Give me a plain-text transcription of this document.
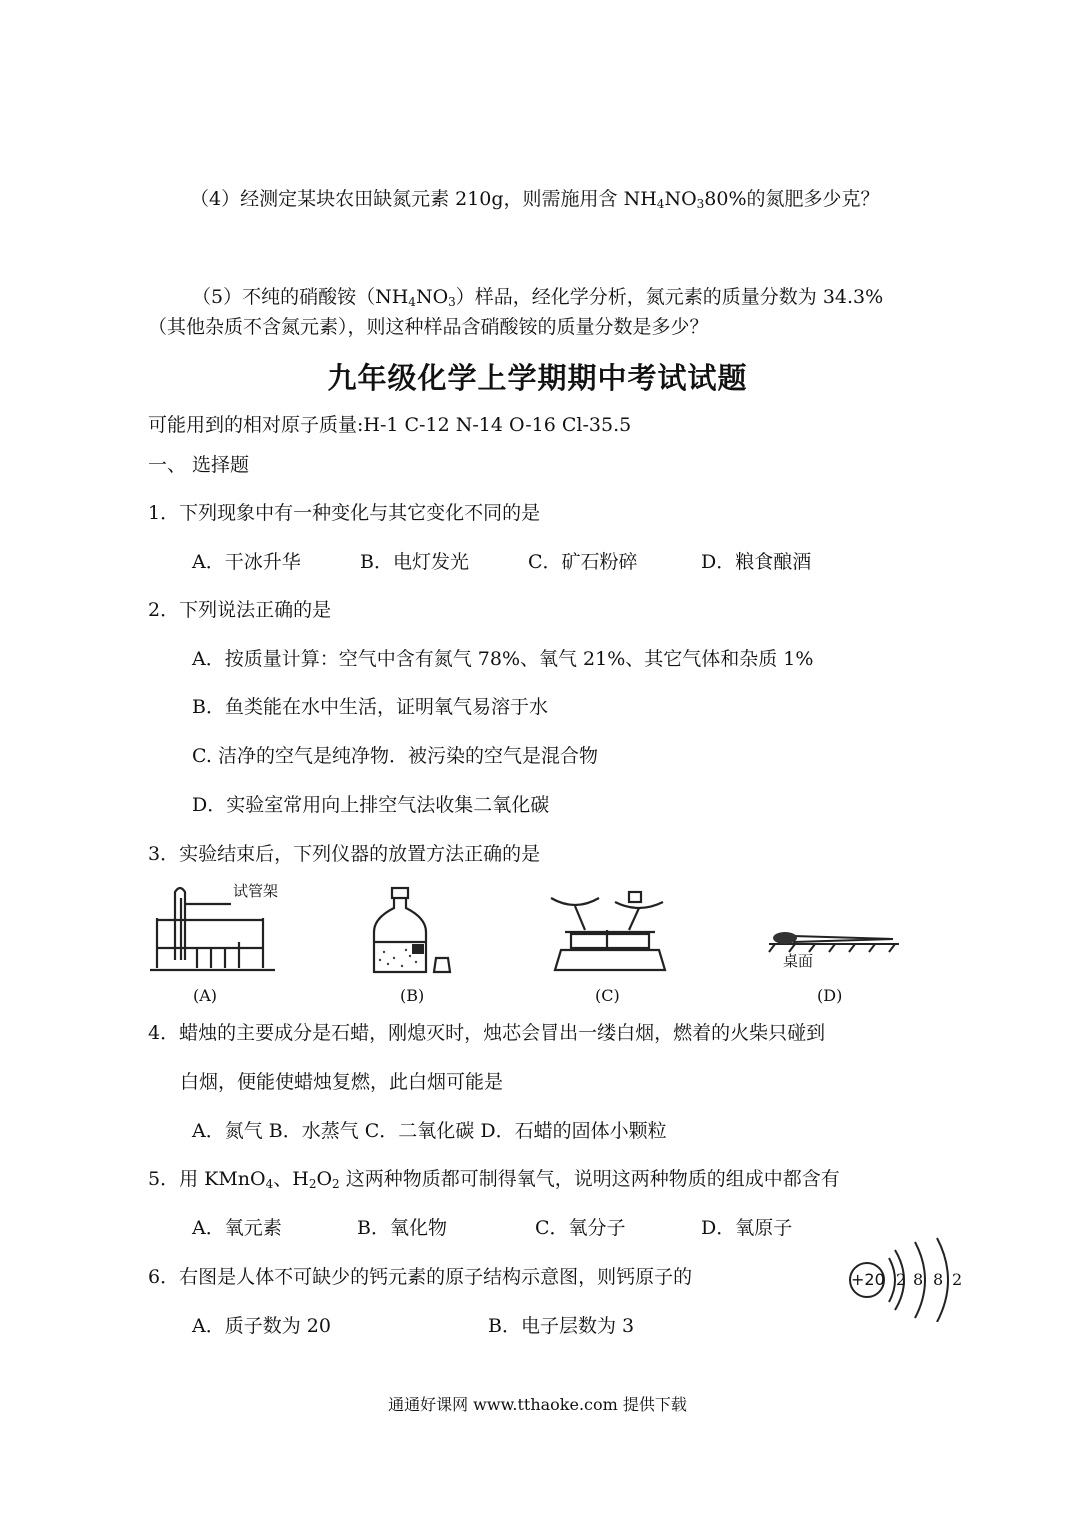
（4）经测定某块农田缺氮元素 210g，则需施用含 $NH_4NO_380\%$的氮肥多少克？
（5）不纯的硝酸铵$(NH_4NO_3)$样品，经化学分析，氮元素的质量分数为 34.3%
（其他杂质不含氮元素），则这种样品含硝酸铵的质量分数是多少？
九年级化学上学期期中考试试题
可能用到的相对原子质量:H-1 C-12 N-14 O-16 Cl-35.5
一、 选择题
1．下列现象中有一种变化与其它变化不同的是
A．干冰升华	B．电灯发光	C．矿石粉碎	D．粮食酿酒
2．下列说法正确的是
A．按质量计算：空气中含有氮气 78%、氧气 21%、其它气体和杂质 1%
B．鱼类能在水中生活，证明氧气易溶于水
C. 洁净的空气是纯净物．被污染的空气是混合物
D．实验室常用向上排空气法收集二氧化碳
3．实验结束后，下列仪器的放置方法正确的是
试管架
(A)	(B)	(C)
桌面
(D)
4．蜡烛的主要成分是石蜡，刚熄灭时，烛芯会冒出一缕白烟，燃着的火柴只碰到
白烟，便能使蜡烛复燃，此白烟可能是
A．氮气 B．水蒸气 C．二氧化碳 D．石蜡的固体小颗粒
5．用 KMnO$_4$、$H_2O_2$ 这两种物质都可制得氧气，说明这两种物质的组成中都含有
A．氧元素	B．氧化物	C．氧分子	D．氧原子
6．右图是人体不可缺少的钙元素的原子结构示意图，则钙原子的	+20 2 8 8 2
A．质子数为 20	B．电子层数为 3
通通好课网 www.tthaoke.com 提供下载
